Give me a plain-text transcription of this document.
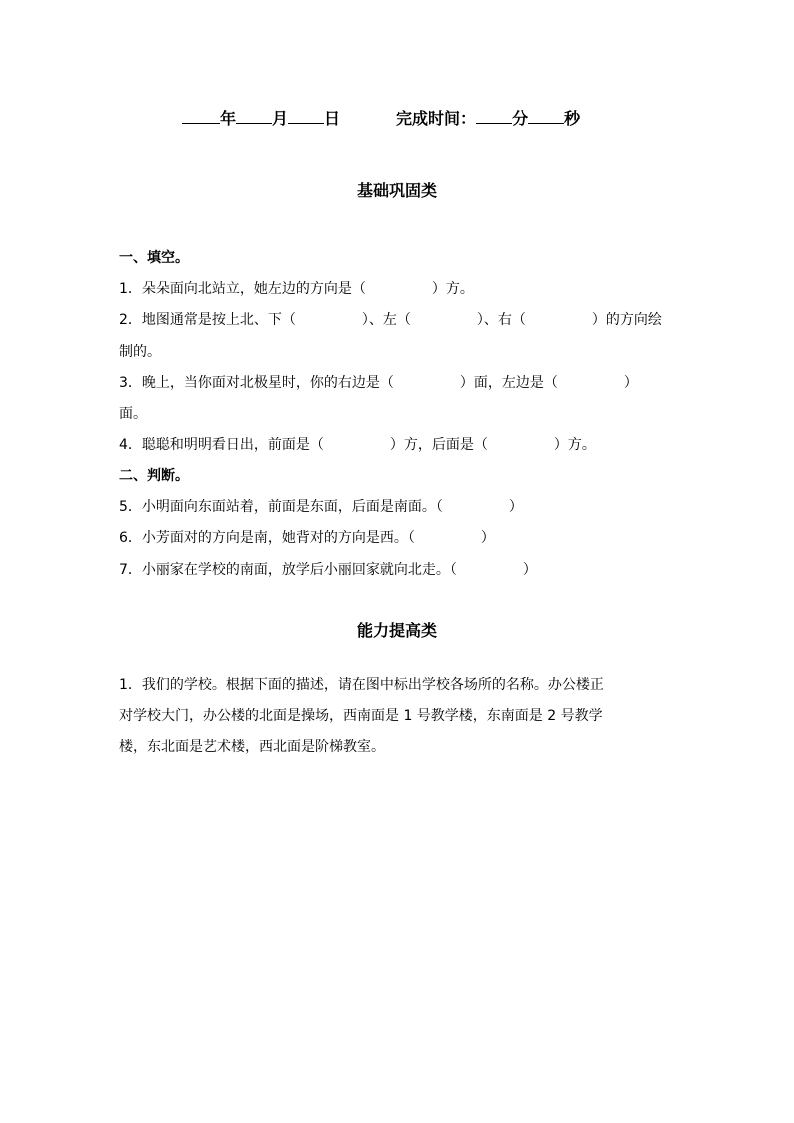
年 月 日	完成时间： 分 秒
基础巩固类
一、填空。
1．朵朵面向北站立，她左边的方向是（	）方。
2．地图通常是按上北、下（	）、左（	）、右（	）的方向绘
制的。
3．晚上，当你面对北极星时，你的右边是（	）面，左边是（	）
面。
4．聪聪和明明看日出，前面是（	）方，后面是（	）方。
二、判断。
5．小明面向东面站着，前面是东面，后面是南面。（	）
6．小芳面对的方向是南，她背对的方向是西。（	）
7．小丽家在学校的南面，放学后小丽回家就向北走。（	）
能力提高类
1．我们的学校。根据下面的描述，请在图中标出学校各场所的名称。办公楼正
对学校大门，办公楼的北面是操场，西南面是 1 号教学楼，东南面是 2 号教学
楼，东北面是艺术楼，西北面是阶梯教室。
